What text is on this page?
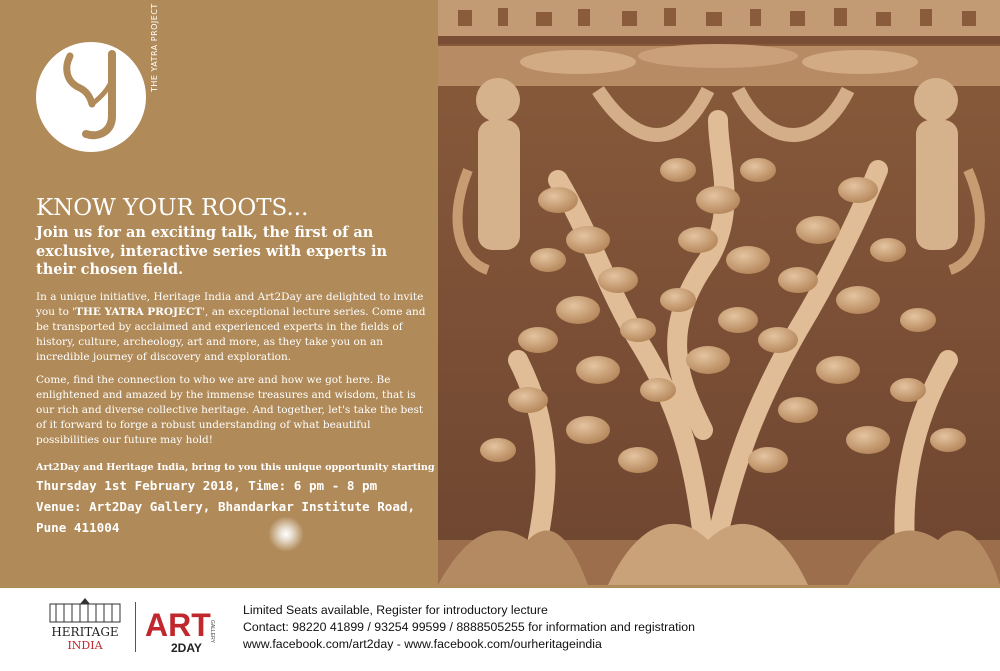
THE YATRA PROJECT
KNOW YOUR ROOTS...

Join us for an exciting talk, the first of an exclusive, interactive series with experts in their chosen field.

In a unique initiative, Heritage India and Art2Day are delighted to invite you to 'THE YATRA PROJECT', an exceptional lecture series. Come and be transported by acclaimed and experienced experts in the fields of history, culture, archeology, art and more, as they take you on an incredible journey of discovery and exploration.

Come, find the connection to who we are and how we got here. Be enlightened and amazed by the immense treasures and wisdom, that is our rich and diverse collective heritage. And together, let's take the best of it forward to forge a robust understanding of what beautiful possibilities our future may hold!

Art2Day and Heritage India, bring to you this unique opportunity starting

Thursday 1st February 2018, Time: 6 pm - 8 pm

Venue: Art2Day Gallery, Bhandarkar Institute Road,

Pune 411004

HERITAGE
INDIA
ART
2DAY
GALLERY
Limited Seats available, Register for introductory lecture
Contact: 98220 41899 / 93254 99599 / 8888505255 for information and registration
www.facebook.com/art2day - www.facebook.com/ourheritageindia
